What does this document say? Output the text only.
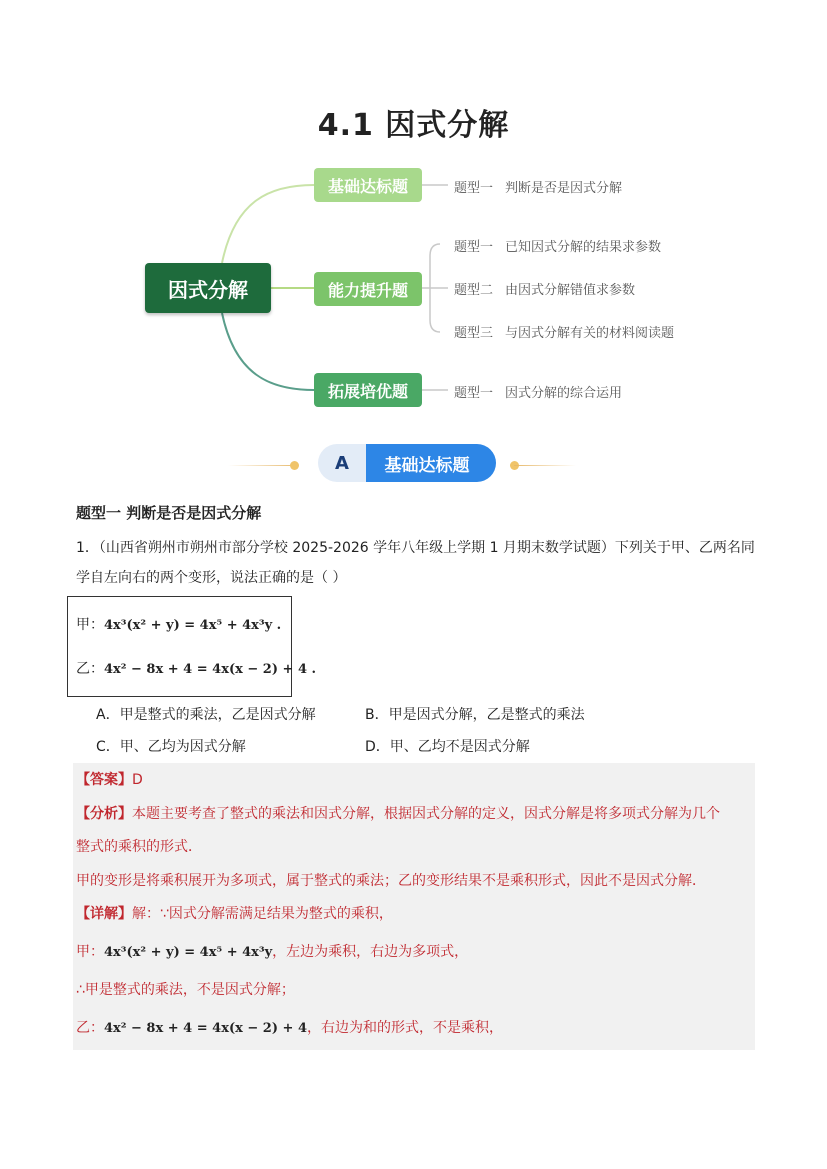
4.1 因式分解
因式分解
基础达标题
能力提升题
拓展培优题
题型一 判断是否是因式分解
题型一 已知因式分解的结果求参数
题型二 由因式分解错值求参数
题型三 与因式分解有关的材料阅读题
题型一 因式分解的综合运用
基础达标题
A
题型一 判断是否是因式分解
1．（山西省朔州市朔州市部分学校 2025-2026 学年八年级上学期 1 月期末数学试题）下列关于甲、乙两名同
学自左向右的两个变形，说法正确的是（ ）
甲：4x³(x² + y) = 4x⁵ + 4x³y .
乙：4x² − 8x + 4 = 4x(x − 2) + 4 .
A．甲是整式的乘法，乙是因式分解	B．甲是因式分解，乙是整式的乘法
C．甲、乙均为因式分解	D．甲、乙均不是因式分解
【答案】D
【分析】本题主要考查了整式的乘法和因式分解，根据因式分解的定义，因式分解是将多项式分解为几个
整式的乘积的形式．
甲的变形是将乘积展开为多项式，属于整式的乘法；乙的变形结果不是乘积形式，因此不是因式分解．
【详解】解：∵因式分解需满足结果为整式的乘积，
甲：4x³(x² + y) = 4x⁵ + 4x³y，左边为乘积，右边为多项式，
∴甲是整式的乘法，不是因式分解；
乙：4x² − 8x + 4 = 4x(x − 2) + 4，右边为和的形式，不是乘积，
